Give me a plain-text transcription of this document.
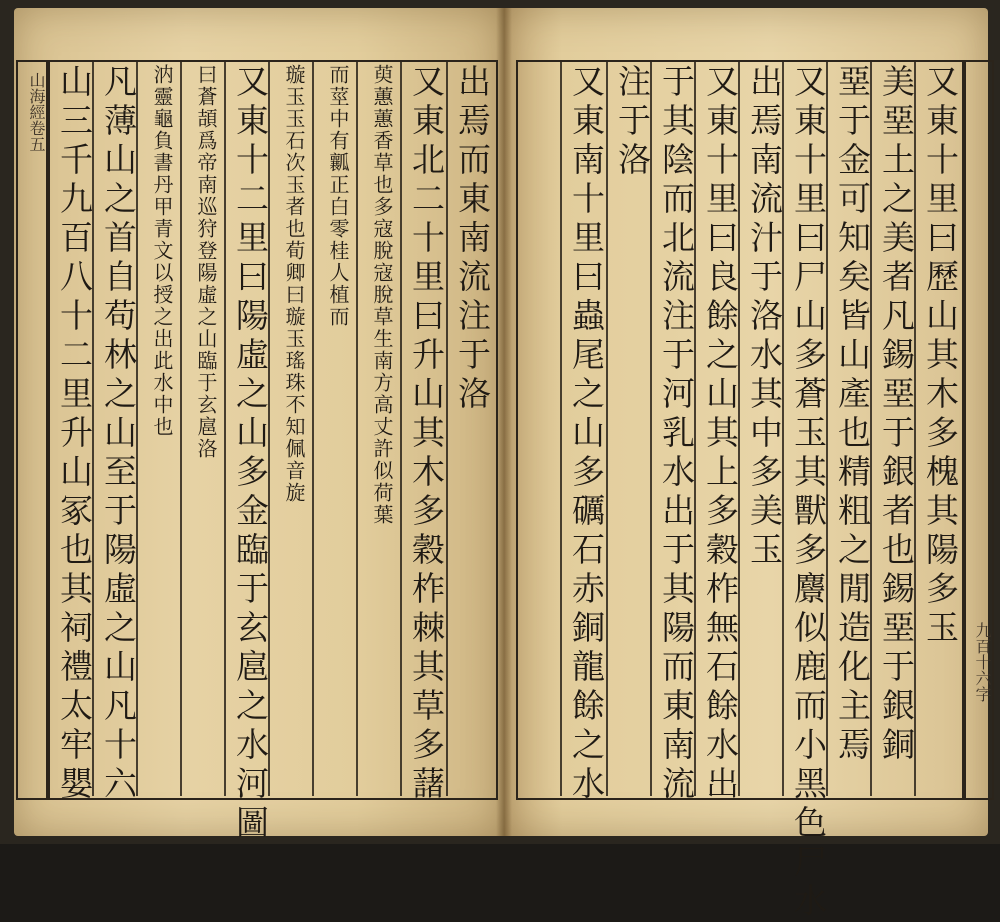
山海經卷五
九百十六字
出焉而東南流注于洛
又東北二十里曰升山其木多穀柞棘其草多藷
萸蕙蕙香草也多寇脫寇脫草生南方高丈許似荷葉
而莖中有瓤正白零桂人植而
璇玉玉石次玉者也荀卿曰璇玉瑤珠不知佩音旋
又東十二里曰陽虛之山多金臨于玄扈之水河圖
曰蒼頡爲帝南巡狩登陽虛之山臨于玄扈洛
汭靈龜負書丹甲青文以授之出此水中也
凡薄山之首自苟林之山至于陽虛之山凡十六
山三千九百八十二里升山冢也其祠禮太牢嬰	又東十里曰歷山其木多槐其陽多玉
美堊土之美者凡錫堊于銀者也錫堊于銀銅
堊于金可知矣皆山產也精粗之閒造化主焉
又東十里曰尸山多蒼玉其獸多麖似鹿而小黑色尸水
出焉南流汁于洛水其中多美玉
又東十里曰良餘之山其上多穀柞無石餘水出
于其陰而北流注于河乳水出于其陽而東南流
注于洛
又東南十里曰蟲尾之山多礪石赤銅龍餘之水
